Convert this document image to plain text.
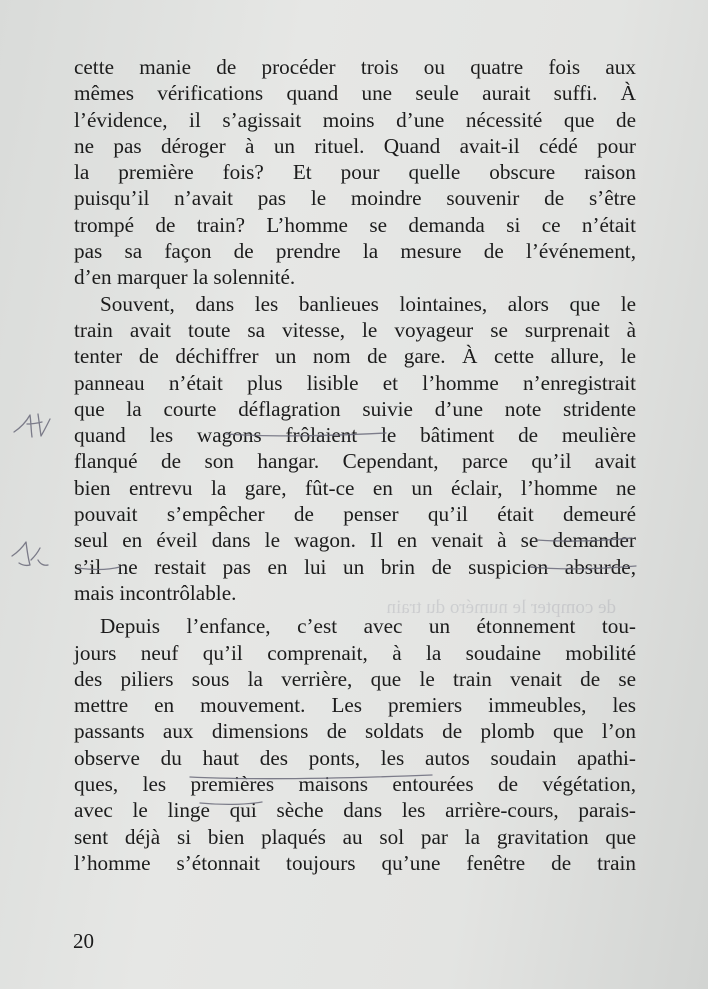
de compter le numéro du train
cette manie de procéder trois ou quatre fois aux
mêmes vérifications quand une seule aurait suffi. À
l’évidence, il s’agissait moins d’une nécessité que de
ne pas déroger à un rituel. Quand avait-il cédé pour
la première fois? Et pour quelle obscure raison
puisqu’il n’avait pas le moindre souvenir de s’être
trompé de train? L’homme se demanda si ce n’était
pas sa façon de prendre la mesure de l’événement,
d’en marquer la solennité.
Souvent, dans les banlieues lointaines, alors que le
train avait toute sa vitesse, le voyageur se surprenait à
tenter de déchiffrer un nom de gare. À cette allure, le
panneau n’était plus lisible et l’homme n’enregistrait
que la courte déflagration suivie d’une note stridente
quand les wagons frôlaient le bâtiment de meulière
flanqué de son hangar. Cependant, parce qu’il avait
bien entrevu la gare, fût-ce en un éclair, l’homme ne
pouvait s’empêcher de penser qu’il était demeuré
seul en éveil dans le wagon. Il en venait à se demander
s’il ne restait pas en lui un brin de suspicion absurde,
mais incontrôlable.
Depuis l’enfance, c’est avec un étonnement tou-
jours neuf qu’il comprenait, à la soudaine mobilité
des piliers sous la verrière, que le train venait de se
mettre en mouvement. Les premiers immeubles, les
passants aux dimensions de soldats de plomb que l’on
observe du haut des ponts, les autos soudain apathi-
ques, les premières maisons entourées de végétation,
avec le linge qui sèche dans les arrière-cours, parais-
sent déjà si bien plaqués au sol par la gravitation que
l’homme s’étonnait toujours qu’une fenêtre de train
20
